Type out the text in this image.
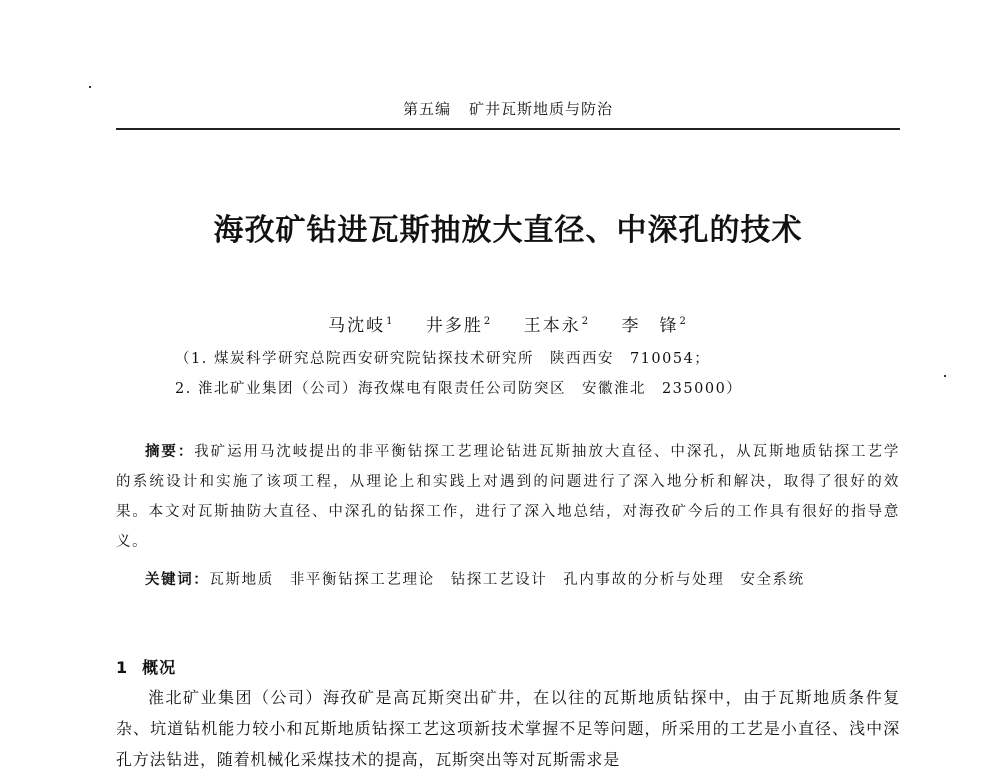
第五编 矿井瓦斯地质与防治
海孜矿钻进瓦斯抽放大直径、中深孔的技术
马沈岐$^1$ 井多胜$^2$ 王本永$^2$ 李　锋$^2$
（1. 煤炭科学研究总院西安研究院钻探技术研究所　陕西西安　710054；
2. 淮北矿业集团（公司）海孜煤电有限责任公司防突区　安徽淮北　235000）
摘要：我矿运用马沈岐提出的非平衡钻探工艺理论钻进瓦斯抽放大直径、中深孔，从瓦斯地质钻探工艺学的系统设计和实施了该项工程，从理论上和实践上对遇到的问题进行了深入地分析和解决，取得了很好的效果。本文对瓦斯抽防大直径、中深孔的钻探工作，进行了深入地总结，对海孜矿今后的工作具有很好的指导意义。
关键词：瓦斯地质 非平衡钻探工艺理论 钻探工艺设计 孔内事故的分析与处理 安全系统
1 概况
淮北矿业集团（公司）海孜矿是高瓦斯突出矿井，在以往的瓦斯地质钻探中，由于瓦斯地质条件复杂、坑道钻机能力较小和瓦斯地质钻探工艺这项新技术掌握不足等问题，所采用的工艺是小直径、浅中深孔方法钻进，随着机械化采煤技术的提高，瓦斯突出等对瓦斯需求是
